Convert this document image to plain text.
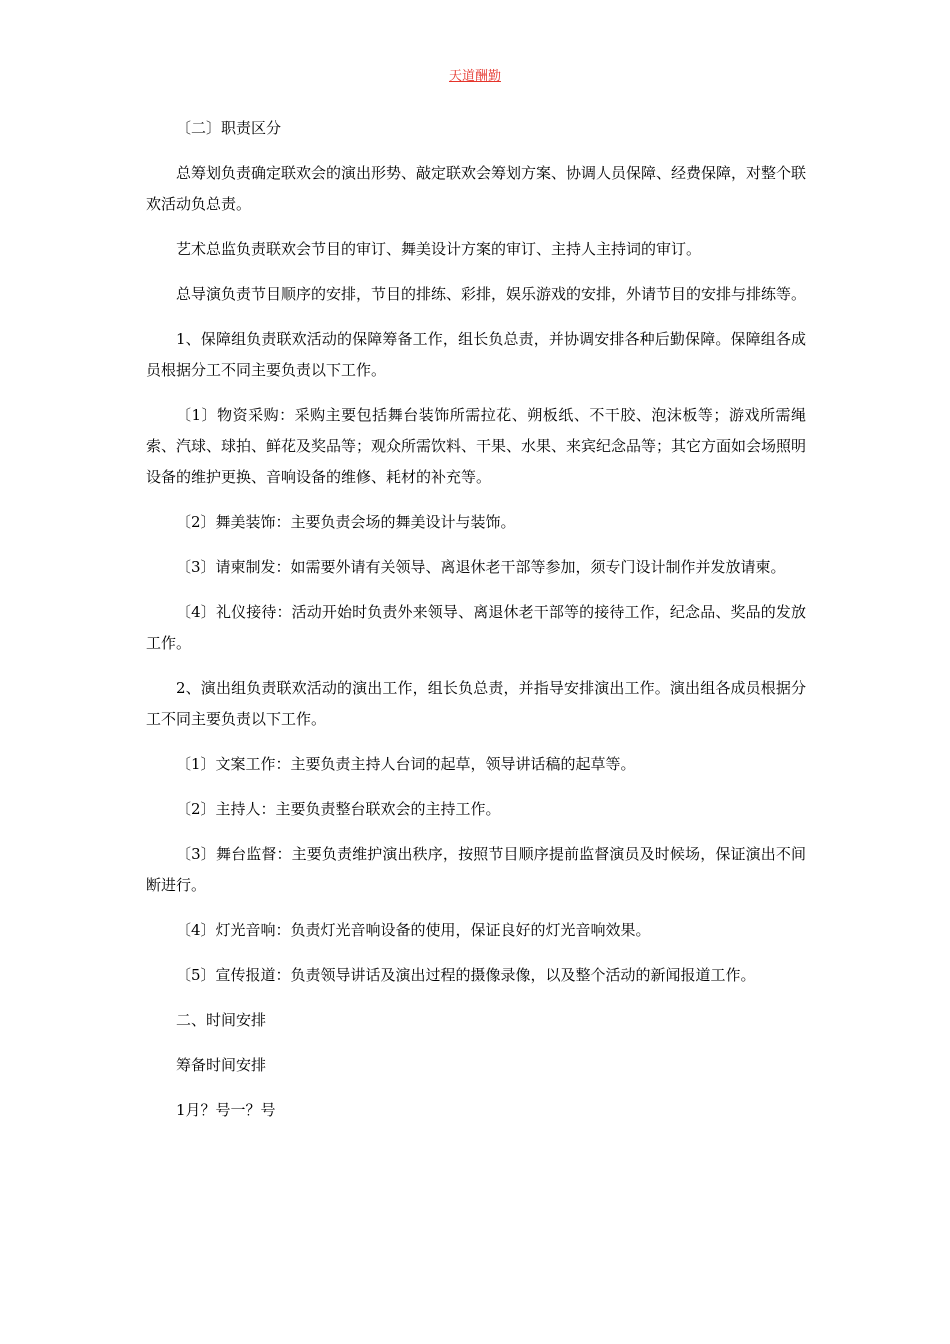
天道酬勤

〔二〕职责区分

总筹划负责确定联欢会的演出形势、敲定联欢会筹划方案、协调人员保障、经费保障，对整个联欢活动负总责。

艺术总监负责联欢会节目的审订、舞美设计方案的审订、主持人主持词的审订。

总导演负责节目顺序的安排，节目的排练、彩排，娱乐游戏的安排，外请节目的安排与排练等。

1、保障组负责联欢活动的保障筹备工作，组长负总责，并协调安排各种后勤保障。保障组各成员根据分工不同主要负责以下工作。

〔1〕物资采购：采购主要包括舞台装饰所需拉花、朔板纸、不干胶、泡沫板等；游戏所需绳索、汽球、球拍、鲜花及奖品等；观众所需饮料、干果、水果、来宾纪念品等；其它方面如会场照明设备的维护更换、音响设备的维修、耗材的补充等。

〔2〕舞美装饰：主要负责会场的舞美设计与装饰。

〔3〕请柬制发：如需要外请有关领导、离退休老干部等参加，须专门设计制作并发放请柬。

〔4〕礼仪接待：活动开始时负责外来领导、离退休老干部等的接待工作，纪念品、奖品的发放工作。

2、演出组负责联欢活动的演出工作，组长负总责，并指导安排演出工作。演出组各成员根据分工不同主要负责以下工作。

〔1〕文案工作：主要负责主持人台词的起草，领导讲话稿的起草等。

〔2〕主持人：主要负责整台联欢会的主持工作。

〔3〕舞台监督：主要负责维护演出秩序，按照节目顺序提前监督演员及时候场，保证演出不间断进行。

〔4〕灯光音响：负责灯光音响设备的使用，保证良好的灯光音响效果。

〔5〕宣传报道：负责领导讲话及演出过程的摄像录像，以及整个活动的新闻报道工作。

二、时间安排

筹备时间安排

1月？号一？号
